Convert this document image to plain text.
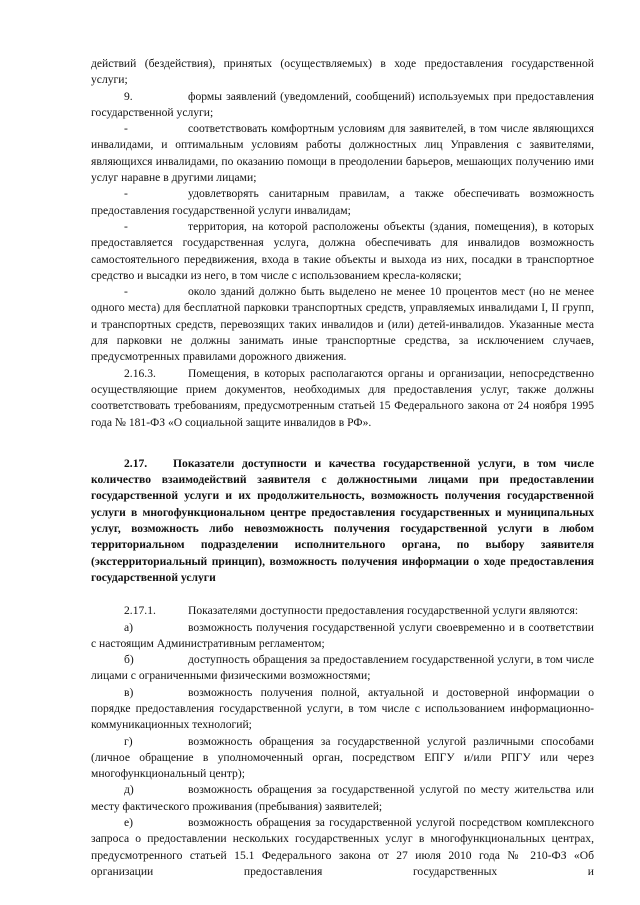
действий (бездействия), принятых (осуществляемых) в ходе предоставления государственной услуги;

9.	формы заявлений (уведомлений, сообщений) используемых при предоставления государственной услуги;

-	соответствовать комфортным условиям для заявителей, в том числе являющихся инвалидами, и оптимальным условиям работы должностных лиц Управления с заявителями, являющихся инвалидами, по оказанию помощи в преодолении барьеров, мешающих получению ими услуг наравне в другими лицами;

-	удовлетворять санитарным правилам, а также обеспечивать возможность предоставления государственной услуги инвалидам;

-	территория, на которой расположены объекты (здания, помещения), в которых предоставляется государственная услуга, должна обеспечивать для инвалидов возможность самостоятельного передвижения, входа в такие объекты и выхода из них, посадки в транспортное средство и высадки из него, в том числе с использованием кресла-коляски;

-	около зданий должно быть выделено не менее 10 процентов мест (но не менее одного места) для бесплатной парковки транспортных средств, управляемых инвалидами I, II групп, и транспортных средств, перевозящих таких инвалидов и (или) детей-инвалидов. Указанные места для парковки не должны занимать иные транспортные средства, за исключением случаев, предусмотренных правилами дорожного движения.

2.16.3.	Помещения, в которых располагаются органы и организации, непосредственно осуществляющие прием документов, необходимых для предоставления услуг, также должны соответствовать требованиям, предусмотренным статьей 15 Федерального закона от 24 ноября 1995 года № 181-ФЗ «О социальной защите инвалидов в РФ».

2.17. Показатели доступности и качества государственной услуги, в том числе количество взаимодействий заявителя с должностными лицами при предоставлении государственной услуги и их продолжительность, возможность получения государственной услуги в многофункциональном центре предоставления государственных и муниципальных услуг, возможность либо невозможность получения государственной услуги в любом территориальном подразделении исполнительного органа, по выбору заявителя (экстерриториальный принцип), возможность получения информации о ходе предоставления государственной услуги

2.17.1.	Показателями доступности предоставления государственной услуги являются:

а)	возможность получения государственной услуги своевременно и в соответствии с настоящим Административным регламентом;

б)	доступность обращения за предоставлением государственной услуги, в том числе лицами с ограниченными физическими возможностями;

в)	возможность получения полной, актуальной и достоверной информации о порядке предоставления государственной услуги, в том числе с использованием информационно-коммуникационных технологий;

г)	возможность обращения за государственной услугой различными способами (личное обращение в уполномоченный орган, посредством ЕПГУ и/или РПГУ или через многофункциональный центр);

д)	возможность обращения за государственной услугой по месту жительства или месту фактического проживания (пребывания) заявителей;

е)	возможность обращения за государственной услугой посредством комплексного запроса о предоставлении нескольких государственных услуг в многофункциональных центрах, предусмотренного статьей 15.1 Федерального закона от 27 июля 2010 года № 210-ФЗ «Об организации предоставления государственных и
